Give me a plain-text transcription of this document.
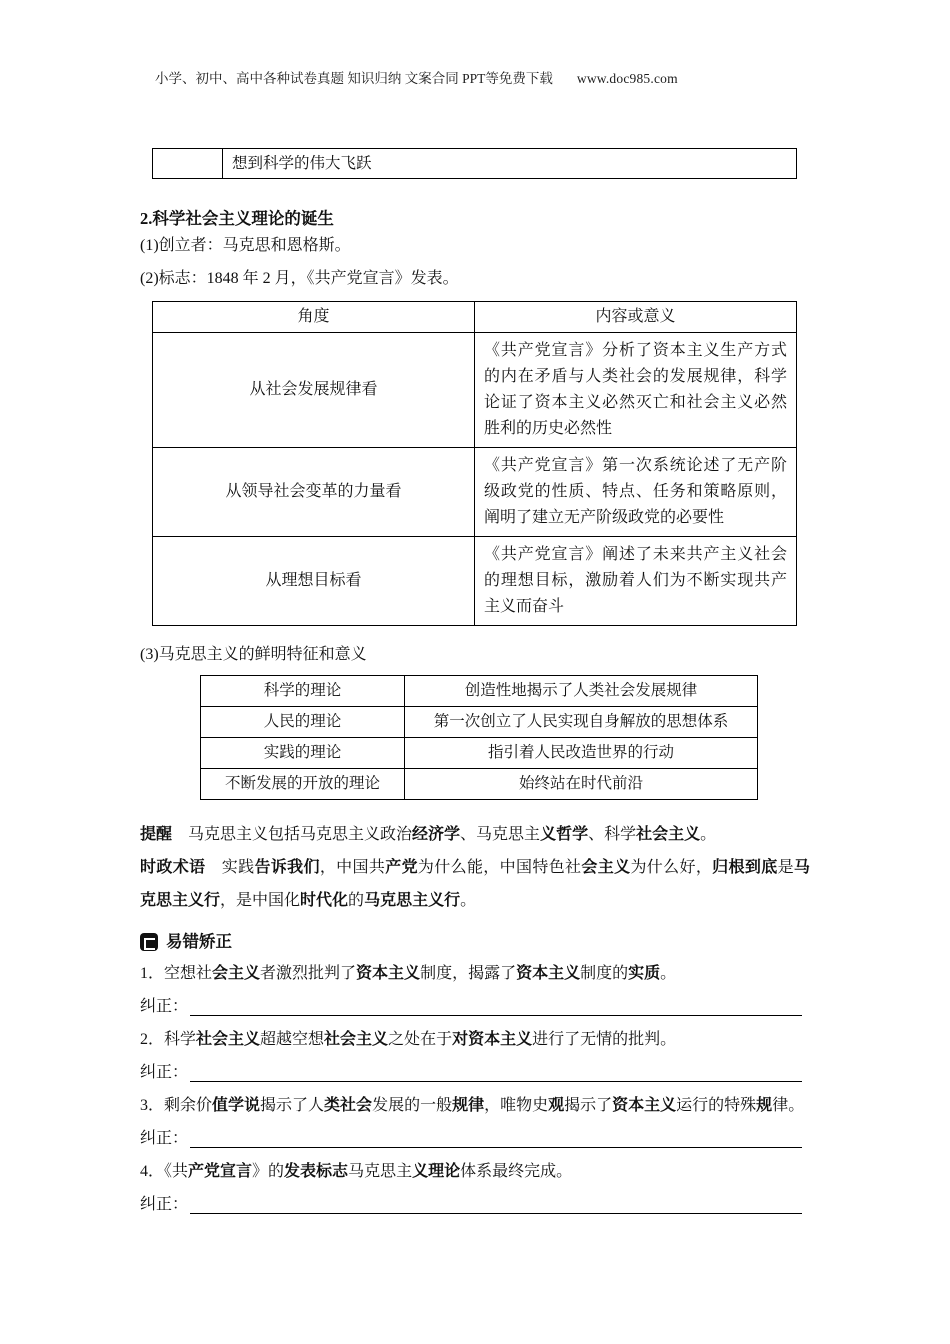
小学、初中、高中各种试卷真题 知识归纳 文案合同 PPT等免费下载 www.doc985.com
	想到科学的伟大飞跃
2.科学社会主义理论的诞生
(1)创立者：马克思和恩格斯。
(2)标志：1848 年 2 月，《共产党宣言》发表。
角度	内容或意义
从社会发展规律看	《共产党宣言》分析了资本主义生产方式的内在矛盾与人类社会的发展规律，科学论证了资本主义必然灭亡和社会主义必然胜利的历史必然性
从领导社会变革的力量看	《共产党宣言》第一次系统论述了无产阶级政党的性质、特点、任务和策略原则，阐明了建立无产阶级政党的必要性
从理想目标看	《共产党宣言》阐述了未来共产主义社会的理想目标，激励着人们为不断实现共产主义而奋斗
(3)马克思主义的鲜明特征和意义
科学的理论	创造性地揭示了人类社会发展规律
人民的理论	第一次创立了人民实现自身解放的思想体系
实践的理论	指引着人民改造世界的行动
不断发展的开放的理论	始终站在时代前沿
提醒　马克思主义包括马克思主义政治经济学、马克思主义哲学、科学社会主义。
时政术语　实践告诉我们，中国共产党为什么能，中国特色社会主义为什么好，归根到底是马克思主义行，是中国化时代化的马克思主义行。
易错矫正
1．空想社会主义者激烈批判了资本主义制度，揭露了资本主义制度的实质。
纠正：
2．科学社会主义超越空想社会主义之处在于对资本主义进行了无情的批判。
纠正：
3．剩余价值学说揭示了人类社会发展的一般规律，唯物史观揭示了资本主义运行的特殊规律。
纠正：
4．《共产党宣言》的发表标志马克思主义理论体系最终完成。
纠正：
